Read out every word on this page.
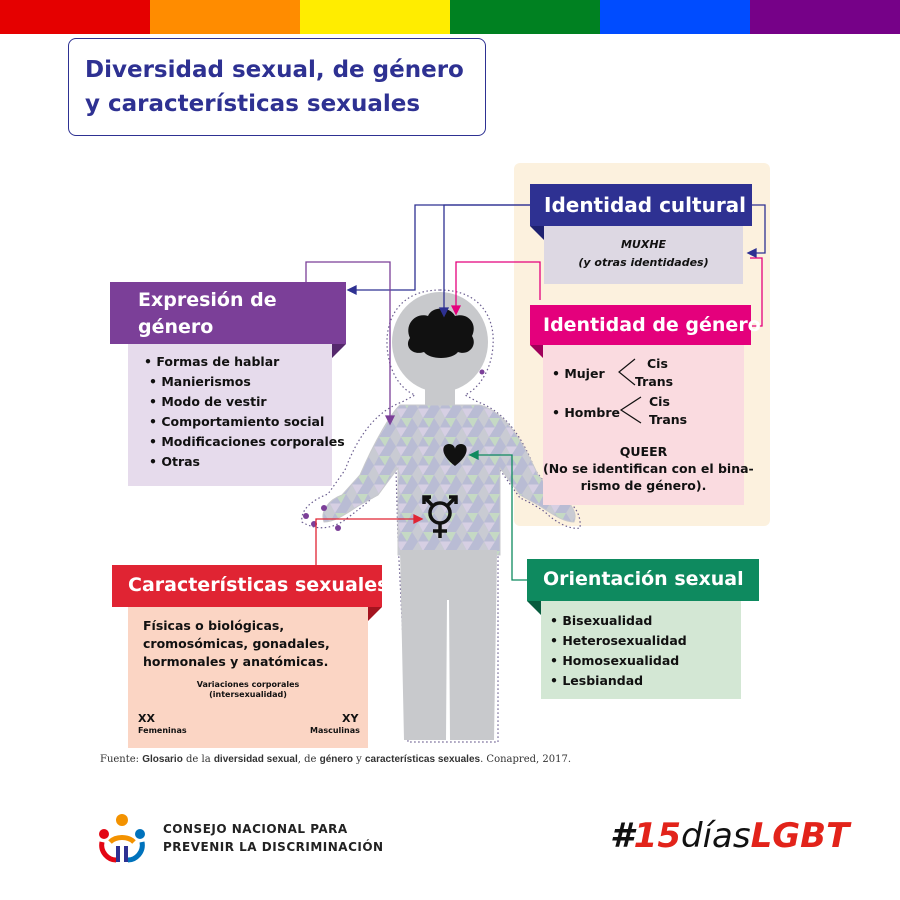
Diversidad sexual, de género
y características sexuales
MUXHE
(y otras identidades)
Identidad cultural
• Mujer
Cis
Trans
• Hombre
Cis
Trans
QUEER
(No se identifican con el bina-
rismo de género).
Identidad de género
• Formas de hablar
• Manierismos
• Modo de vestir
• Comportamiento social
• Modificaciones corporales
• Otras
Expresión de
género
Físicas o biológicas,
cromosómicas, gonadales,
hormonales y anatómicas.
Variaciones corporales
(intersexualidad)
XX
Femeninas
XY
Masculinas
Características sexuales
• Bisexualidad
• Heterosexualidad
• Homosexualidad
• Lesbiandad
Orientación sexual
Fuente: Glosario de la diversidad sexual, de género y características sexuales. Conapred, 2017.
CONSEJO NACIONAL PARA
PREVENIR LA DISCRIMINACIÓN	#15díasLGBT
